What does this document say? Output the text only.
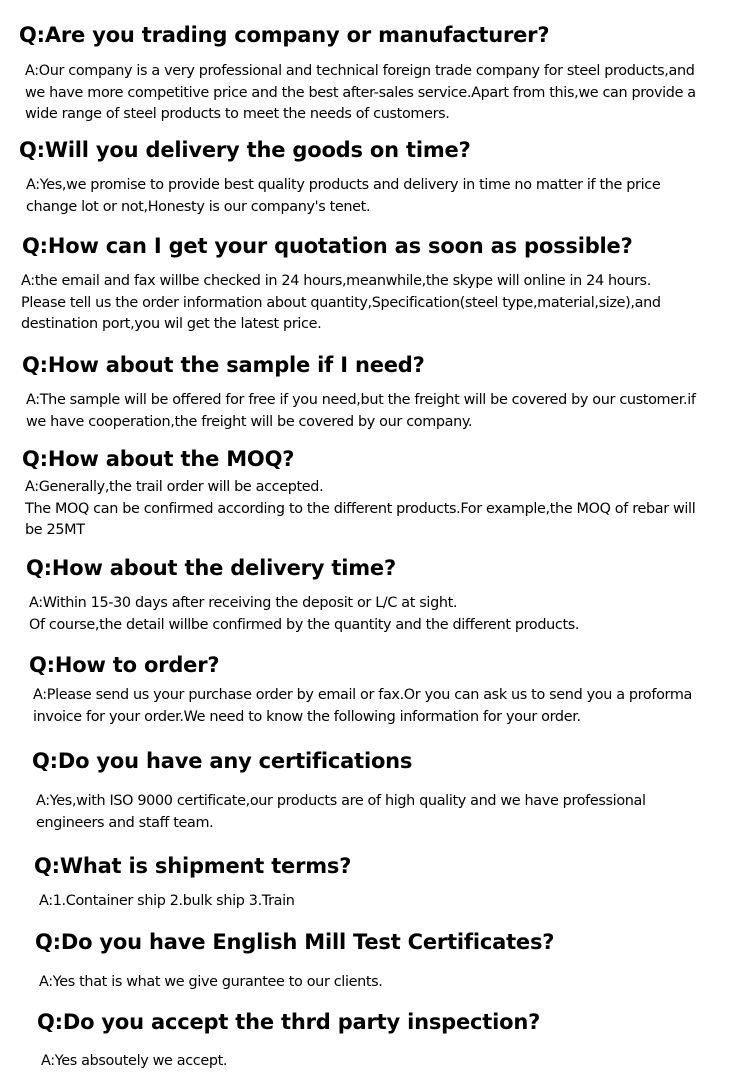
Q:Are you trading company or manufacturer?

A:Our company is a very professional and technical foreign trade company for steel products,and
we have more competitive price and the best after-sales service.Apart from this,we can provide a
wide range of steel products to meet the needs of customers.

Q:Will you delivery the goods on time?

A:Yes,we promise to provide best quality products and delivery in time no matter if the price
change lot or not,Honesty is our company's tenet.

Q:How can I get your quotation as soon as possible?

A:the email and fax willbe checked in 24 hours,meanwhile,the skype will online in 24 hours.
Please tell us the order information about quantity,Specification(steel type,material,size),and
destination port,you wil get the latest price.

Q:How about the sample if I need?

A:The sample will be offered for free if you need,but the freight will be covered by our customer.if
we have cooperation,the freight will be covered by our company.

Q:How about the MOQ?

A:Generally,the trail order will be accepted.
The MOQ can be confirmed according to the different products.For example,the MOQ of rebar will
be 25MT

Q:How about the delivery time?

A:Within 15-30 days after receiving the deposit or L/C at sight.
Of course,the detail willbe confirmed by the quantity and the different products.

Q:How to order?

A:Please send us your purchase order by email or fax.Or you can ask us to send you a proforma
invoice for your order.We need to know the following information for your order.

Q:Do you have any certifications

A:Yes,with ISO 9000 certificate,our products are of high quality and we have professional
engineers and staff team.

Q:What is shipment terms?

A:1.Container ship 2.bulk ship 3.Train

Q:Do you have English Mill Test Certificates?

A:Yes that is what we give gurantee to our clients.

Q:Do you accept the thrd party inspection?

A:Yes absoutely we accept.
